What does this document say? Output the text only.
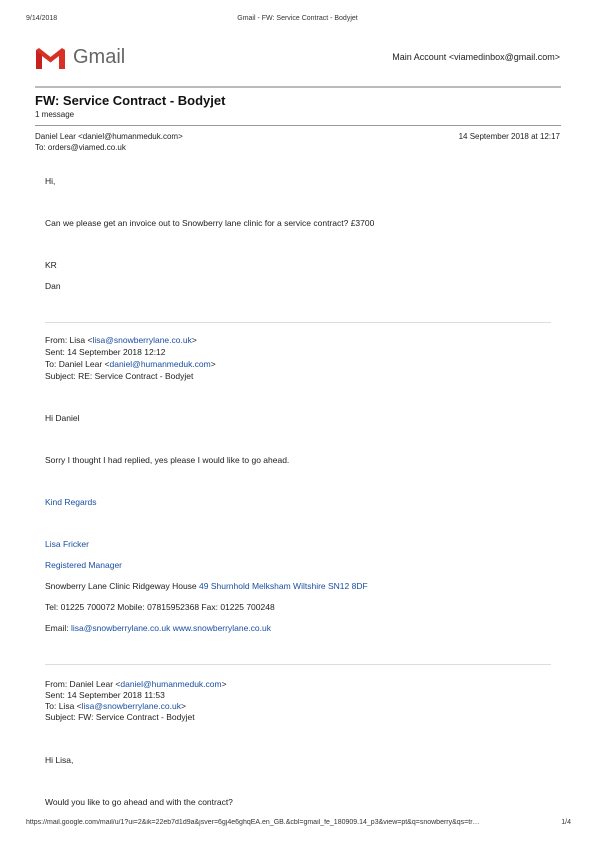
9/14/2018	Gmail - FW: Service Contract - Bodyjet
Gmail	Main Account <viamedinbox@gmail.com>
FW: Service Contract - Bodyjet
1 message
Daniel Lear <daniel@humanmeduk.com>	14 September 2018 at 12:17
To: orders@viamed.co.uk
Hi,
Can we please get an invoice out to Snowberry lane clinic for a service contract? £3700
KR
Dan
From: Lisa <lisa@snowberrylane.co.uk>
Sent: 14 September 2018 12:12
To: Daniel Lear <daniel@humanmeduk.com>
Subject: RE: Service Contract - Bodyjet
Hi Daniel
Sorry I thought I had replied, yes please I would like to go ahead.
Kind Regards
Lisa Fricker
Registered Manager
Snowberry Lane Clinic Ridgeway House 49 Shurnhold Melksham Wiltshire SN12 8DF
Tel: 01225 700072 Mobile: 07815952368 Fax: 01225 700248
Email: lisa@snowberrylane.co.uk www.snowberrylane.co.uk
From: Daniel Lear <daniel@humanmeduk.com>
Sent: 14 September 2018 11:53
To: Lisa <lisa@snowberrylane.co.uk>
Subject: FW: Service Contract - Bodyjet
Hi Lisa,
Would you like to go ahead and with the contract?
https://mail.google.com/mail/u/1?ui=2&ik=22eb7d1d9a&jsver=6gj4e6ghqEA.en_GB.&cbl=gmail_fe_180909.14_p3&view=pt&q=snowberry&qs=tr…	1/4
